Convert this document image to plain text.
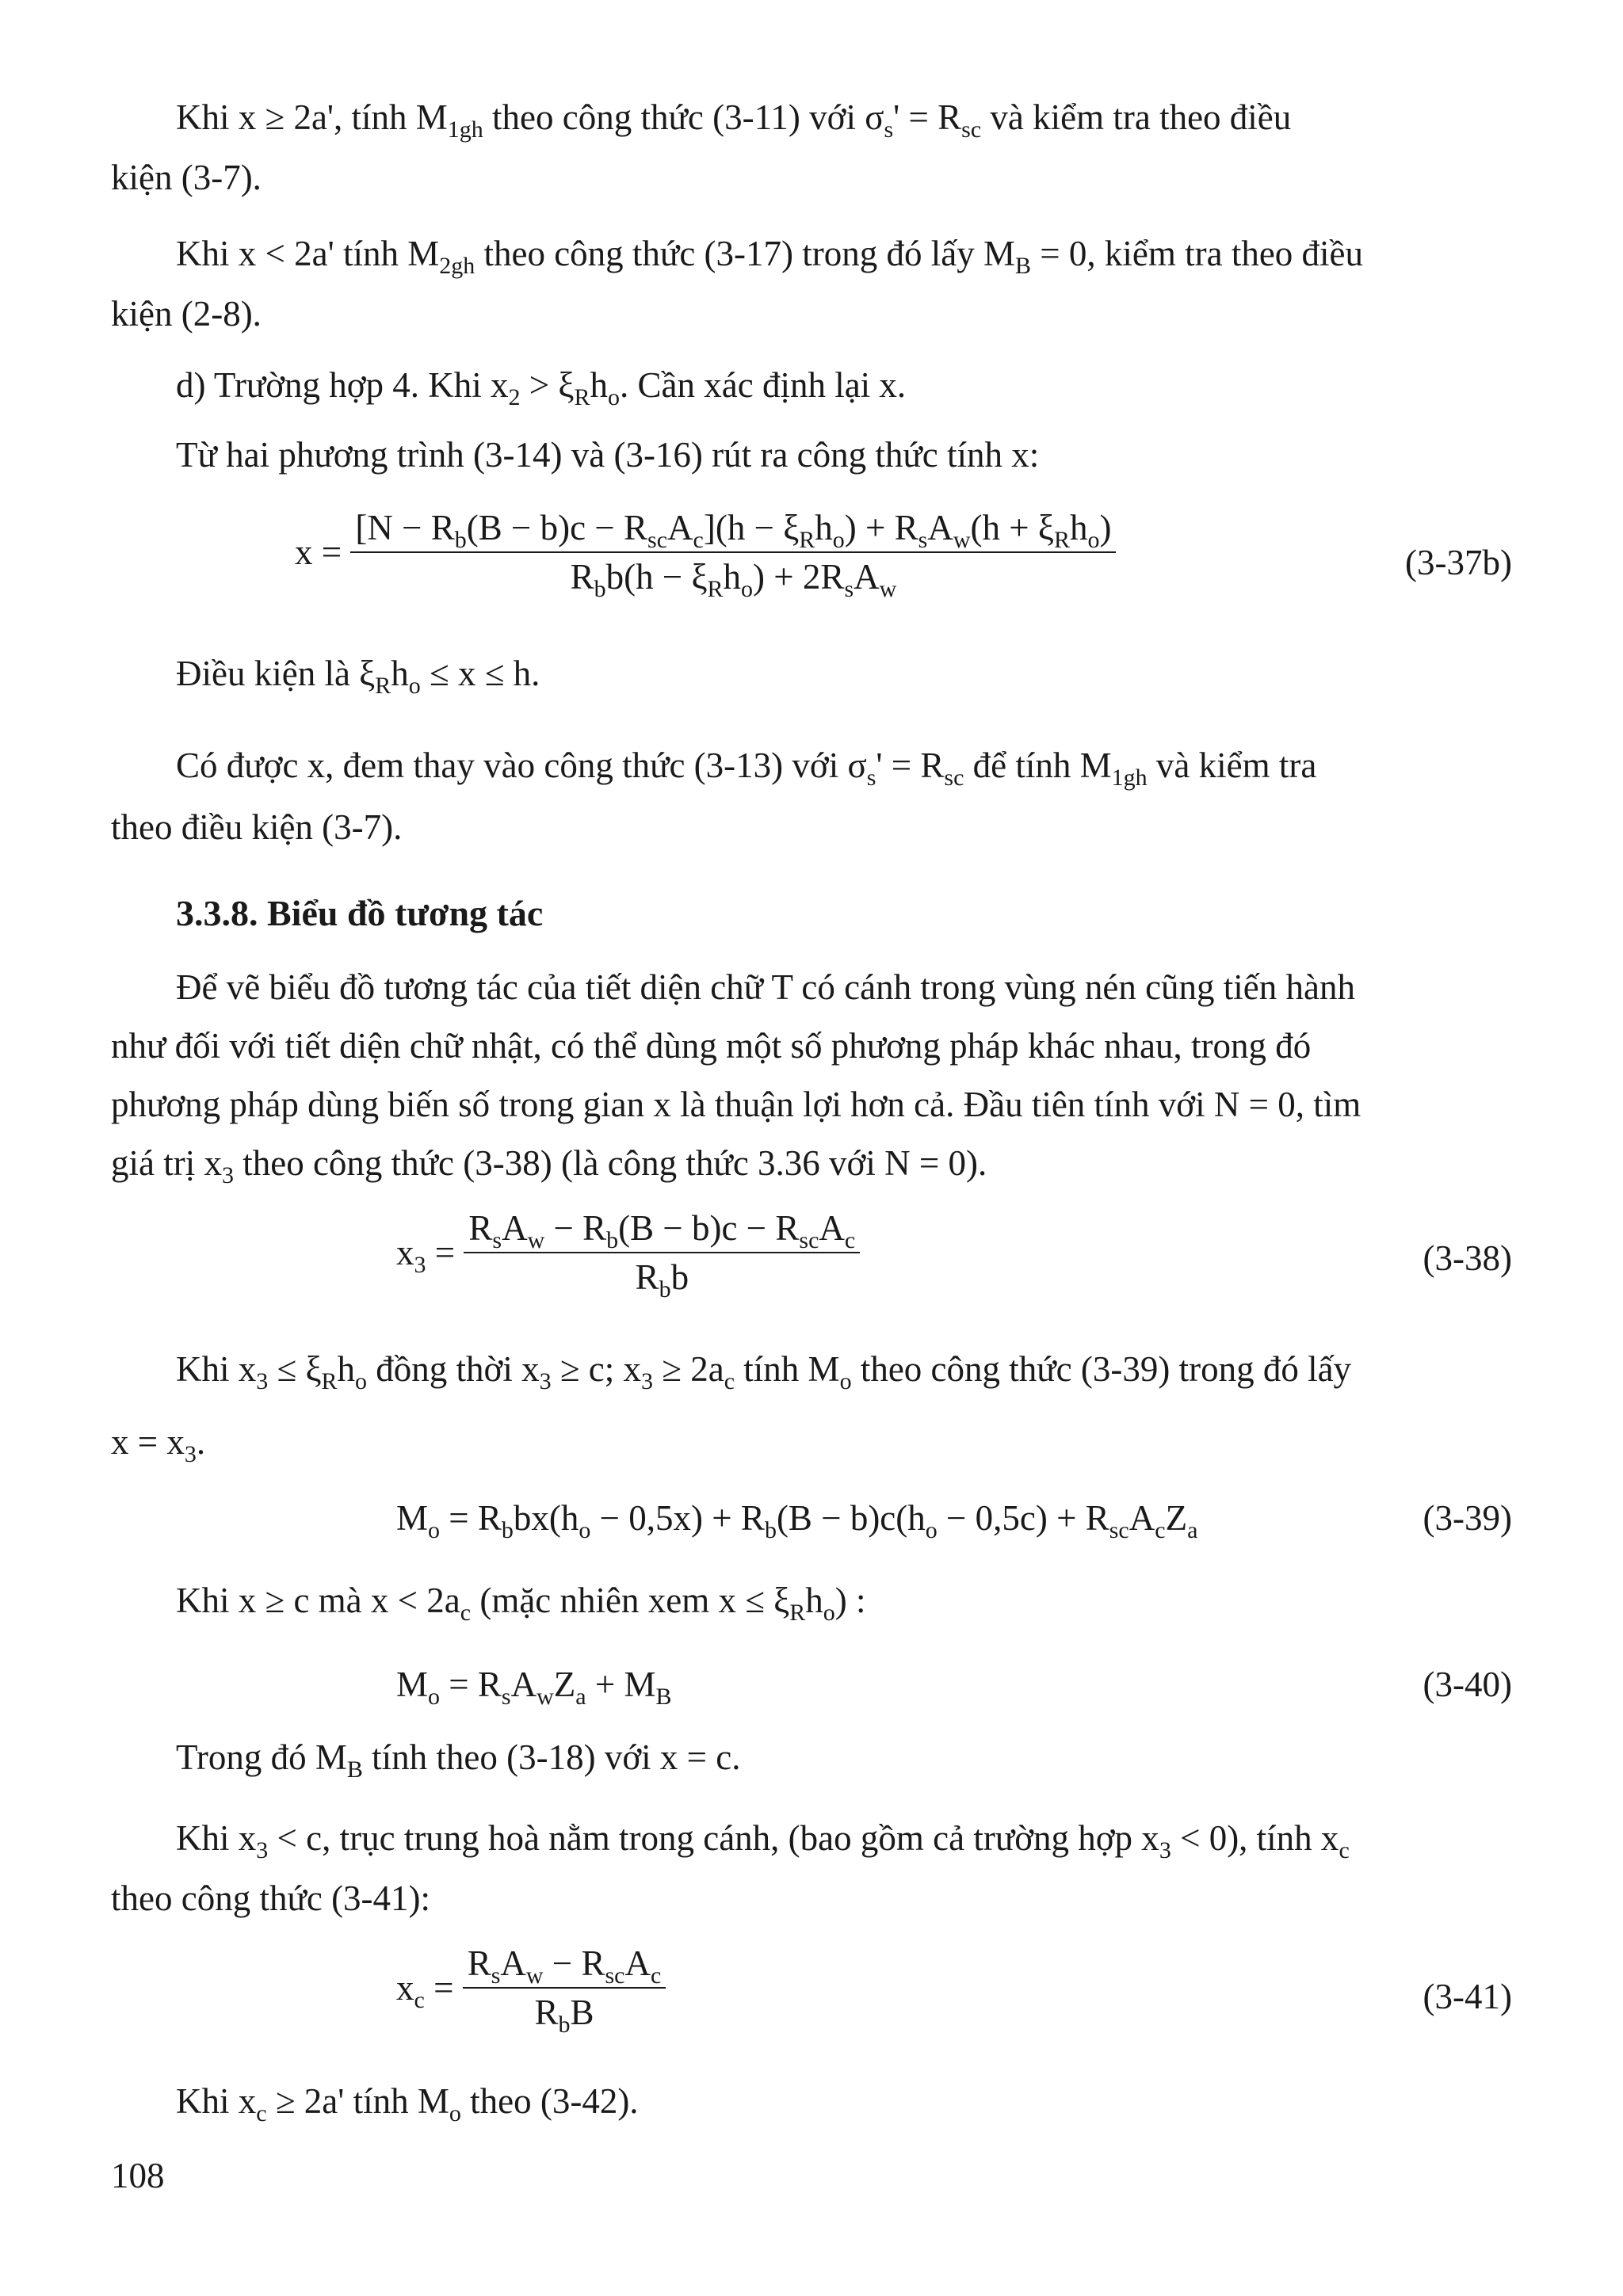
Khi x ≥ 2a', tính $M_{1gh}$ theo công thức (3-11) với $\sigma_s' = R_{sc}$ và kiểm tra theo điều
kiện (3-7).
Khi x < 2a' tính $M_{2gh}$ theo công thức (3-17) trong đó lấy $M_B = 0$, kiểm tra theo điều
kiện (2-8).
d) Trường hợp 4. Khi $x_2 > \xi_Rh_o$. Cần xác định lại x.
Từ hai phương trình (3-14) và (3-16) rút ra công thức tính x:
$x = \frac{[N - R_b(B - b)c - R_{sc}A_c](h - \xi_Rh_o) + R_sA_w(h + \xi_Rh_o)}{R_bb(h - \xi_Rh_o) + 2R_sA_w}$	(3-37b)
Điều kiện là $\xi_Rh_o \le x \le h$.
Có được x, đem thay vào công thức (3-13) với $\sigma_s' = R_{sc}$ để tính $M_{1gh}$ và kiểm tra
theo điều kiện (3-7).
3.3.8. Biểu đồ tương tác
Để vẽ biểu đồ tương tác của tiết diện chữ T có cánh trong vùng nén cũng tiến hành
như đối với tiết diện chữ nhật, có thể dùng một số phương pháp khác nhau, trong đó
phương pháp dùng biến số trong gian x là thuận lợi hơn cả. Đầu tiên tính với N = 0, tìm
giá trị $x_3$ theo công thức (3-38) (là công thức 3.36 với N = 0).
$x_3 = \frac{R_sA_w - R_b(B - b)c - R_{sc}A_c}{R_bb}$	(3-38)
Khi $x_3 \le \xi_Rh_o$ đồng thời $x_3 \ge c$; $x_3 \ge 2a_c$ tính $M_o$ theo công thức (3-39) trong đó lấy
$x = x_3$.
$M_o = R_bbx(h_o - 0,5x) + R_b(B - b)c(h_o - 0,5c) + R_{sc}A_cZ_a$	(3-39)
Khi x ≥ c mà $x < 2a_c$ (mặc nhiên xem $x \le \xi_Rh_o$) :
$M_o = R_sA_wZ_a + M_B$	(3-40)
Trong đó $M_B$ tính theo (3-18) với x = c.
Khi $x_3 < c$, trục trung hoà nằm trong cánh, (bao gồm cả trường hợp $x_3 < 0$), tính $x_c$
theo công thức (3-41):
$x_c = \frac{R_sA_w - R_{sc}A_c}{R_bB}$	(3-41)
Khi $x_c \ge 2a'$ tính $M_o$ theo (3-42).
108
